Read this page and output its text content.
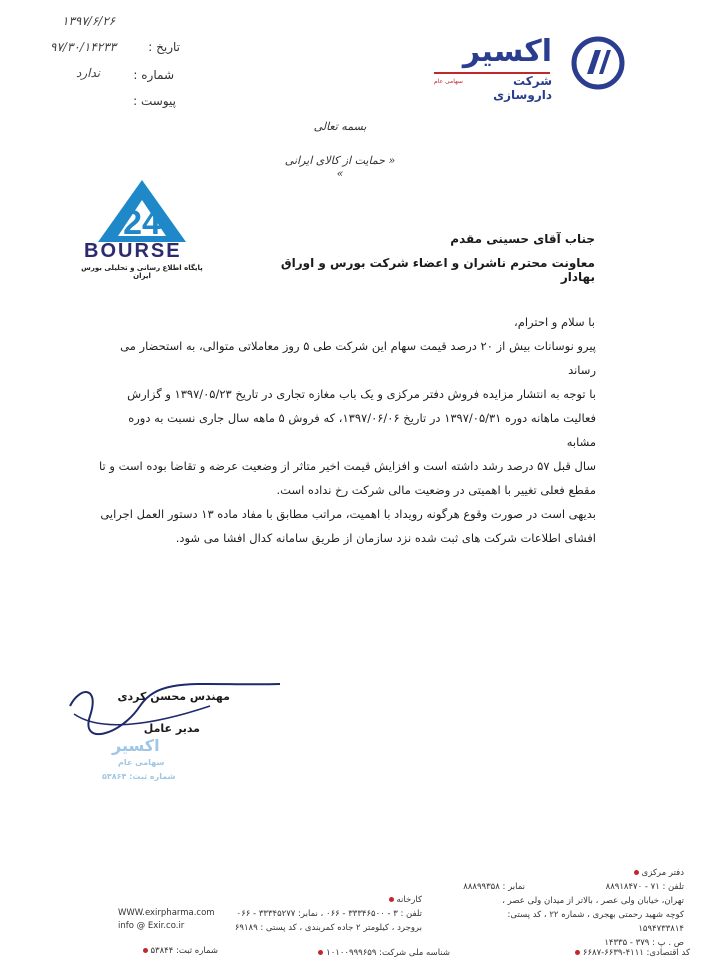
۱۳۹۷/۶/۲۶
تاریخ :
۹۷/۳۰/۱۴۲۳۳
شماره :
ندارد
پیوست :
اکسیر
شرکت داروسازی
سهامی عام
بسمه تعالی
« حمایت از کالای ایرانی »
24
BOURSE
پایگاه اطلاع رسانی و تحلیلی بورس ایران
جناب آقای حسینی مقدم
معاونت محترم ناشران و اعضاء شرکت بورس و اوراق بهادار
با سلام و احترام،
پیرو نوسانات بیش از ۲۰ درصد قیمت سهام این شرکت طی ۵ روز معاملاتی متوالی، به استحضار می رساند
با توجه به انتشار مزایده فروش دفتر مرکزی و یک باب مغازه تجاری در تاریخ ۱۳۹۷/۰۵/۲۳ و گزارش
فعالیت ماهانه دوره ۱۳۹۷/۰۵/۳۱ در تاریخ ۱۳۹۷/۰۶/۰۶، که فروش ۵ ماهه سال جاری نسبت به دوره مشابه
سال قبل ۵۷ درصد رشد داشته است و افزایش قیمت اخیر متاثر از وضعیت عرضه و تقاضا بوده است و تا
مقطع فعلی تغییر با اهمیتی در وضعیت مالی شرکت رخ نداده است.
بدیهی است در صورت وقوع هرگونه رویداد با اهمیت، مراتب مطابق با مفاد ماده ۱۳ دستور العمل اجرایی
افشای اطلاعات شرکت های ثبت شده نزد سازمان از طریق سامانه کدال افشا می شود.
مهندس محسن کردی
مدیر عامل
اکسیر
سهامی عام
شماره ثبت: ۵۳۸۶۴
دفتر مرکزی
تلفن : ۷۱ - ۸۸۹۱۸۴۷۰
تهران، خیابان ولی عصر ، بالاتر از میدان ولی عصر ،
کوچه شهید رحمتی بهجری ، شماره ۲۲ ، کد پستی: ۱۵۹۴۷۳۳۸۱۴
ص . پ : ۳۷۹ - ۱۴۳۳۵
نمابر : ۸۸۸۹۹۳۵۸
کارخانه
تلفن : ۳ - ۳۳۳۴۶۵۰۰ - ۰۶۶ ، نمابر: ۳۳۳۴۵۲۷۷ - ۰۶۶
بروجرد ، کیلومتر ۲ جاده کمربندی ، کد پستی : ۶۹۱۸۹
WWW.exirpharma.com
info @ Exir.co.ir
کد اقتصادی: ۴۱۱۱-۶۶۳۹-۶۶۸۷
شناسه ملی شرکت: ۱۰۱۰۰۹۹۹۶۵۹
شماره ثبت: ۵۳۸۴۴
